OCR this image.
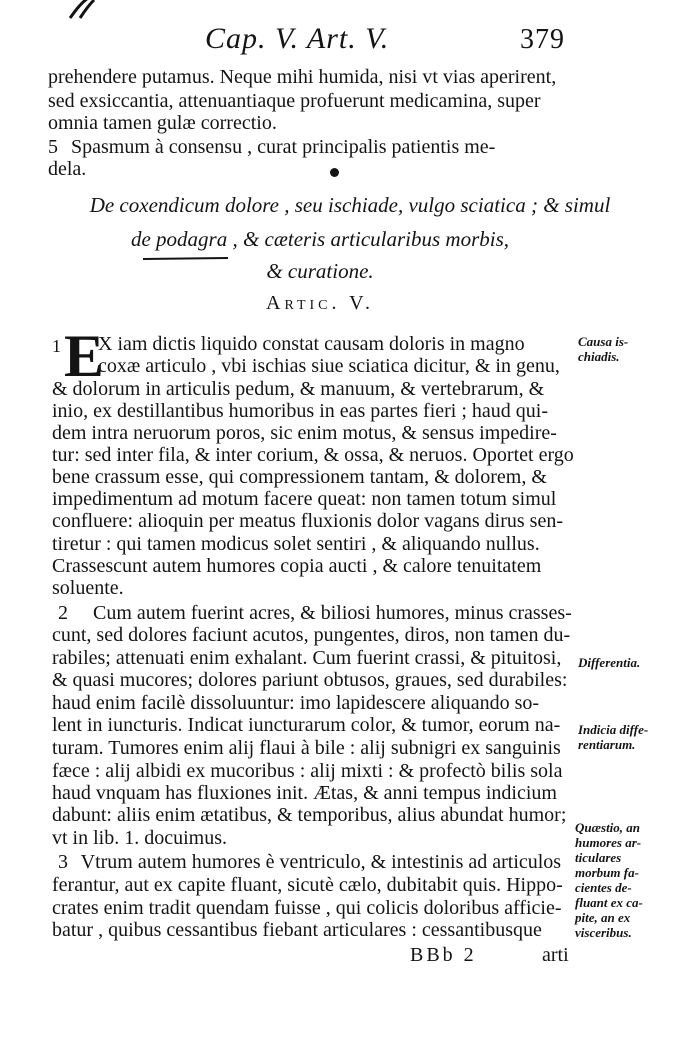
Cap. V. Art. V.	379
prehendere putamus. Neque mihi humida, nisi vt vias aperirent,
sed exsiccantia, attenuantiaque profuerunt medicamina, super
omnia tamen gulæ correctio.
5 Spasmum à consensu , curat principalis patientis me-
dela.
De coxendicum dolore , seu ischiade, vulgo sciatica ; & simul
de podagra , & cæteris articularibus morbis,
& curatione.
Artic. V.
1 E
X iam dictis liquido constat causam doloris in magno
coxæ articulo , vbi ischias siue sciatica dicitur, & in genu,
& dolorum in articulis pedum, & manuum, & vertebrarum, &
inio, ex destillantibus humoribus in eas partes fieri ; haud qui-
dem intra neruorum poros, sic enim motus, & sensus impedire-
tur: sed inter fila, & inter corium, & ossa, & neruos. Oportet ergo
bene crassum esse, qui compressionem tantam, & dolorem, &
impedimentum ad motum facere queat: non tamen totum simul
confluere: alioquin per meatus fluxionis dolor vagans dirus sen-
tiretur : qui tamen modicus solet sentiri , & aliquando nullus.
Crassescunt autem humores copia aucti , & calore tenuitatem
soluente.
2 Cum autem fuerint acres, & biliosi humores, minus crasses-
cunt, sed dolores faciunt acutos, pungentes, diros, non tamen du-
rabiles; attenuati enim exhalant. Cum fuerint crassi, & pituitosi,
& quasi mucores; dolores pariunt obtusos, graues, sed durabiles:
haud enim facilè dissoluuntur: imo lapidescere aliquando so-
lent in iuncturis. Indicat iuncturarum color, & tumor, eorum na-
turam. Tumores enim alij flaui à bile : alij subnigri ex sanguinis
fæce : alij albidi ex mucoribus : alij mixti : & profectò bilis sola
haud vnquam has fluxiones init. Ætas, & anni tempus indicium
dabunt: aliis enim ætatibus, & temporibus, alius abundat humor;
vt in lib. 1. docuimus.
3 Vtrum autem humores è ventriculo, & intestinis ad articulos
ferantur, aut ex capite fluant, sicutè cælo, dubitabit quis. Hippo-
crates enim tradit quendam fuisse , qui colicis doloribus afficie-
batur , quibus cessantibus fiebant articulares : cessantibusque
Causa is-
chiadis.
Differentia.
Indicia diffe-
rentiarum.
Quæstio, an
humores ar-
ticulares
morbum fa-
cientes de-
fluant ex ca-
pite, an ex
visceribus.
BBb 2	arti
